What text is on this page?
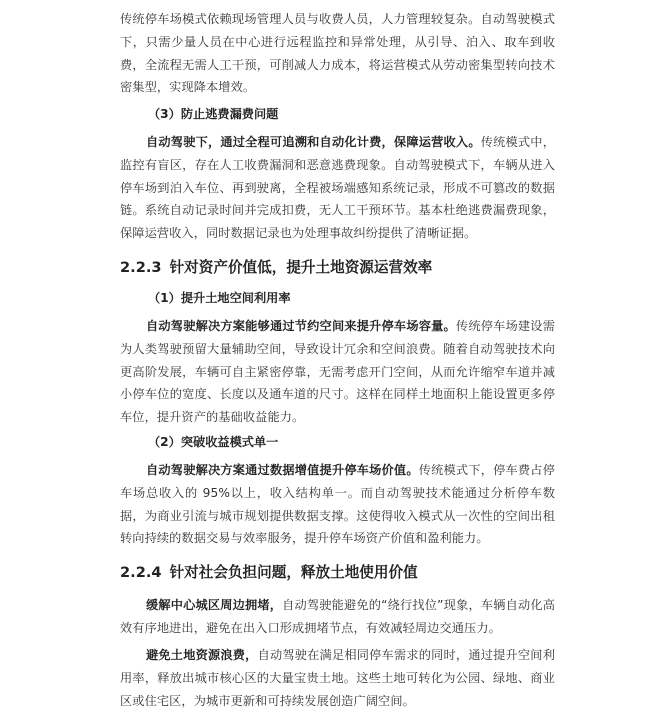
传统停车场模式依赖现场管理人员与收费人员，人力管理较复杂。自动驾驶模式下，只需少量人员在中心进行远程监控和异常处理，从引导、泊入、取车到收费，全流程无需人工干预，可削减人力成本，将运营模式从劳动密集型转向技术密集型，实现降本增效。

（3）防止逃费漏费问题

自动驾驶下，通过全程可追溯和自动化计费，保障运营收入。传统模式中，监控有盲区，存在人工收费漏洞和恶意逃费现象。自动驾驶模式下，车辆从进入停车场到泊入车位、再到驶离，全程被场端感知系统记录，形成不可篡改的数据链。系统自动记录时间并完成扣费，无人工干预环节。基本杜绝逃费漏费现象，保障运营收入，同时数据记录也为处理事故纠纷提供了清晰证据。

2.2.3 针对资产价值低，提升土地资源运营效率

（1）提升土地空间利用率

自动驾驶解决方案能够通过节约空间来提升停车场容量。传统停车场建设需为人类驾驶预留大量辅助空间，导致设计冗余和空间浪费。随着自动驾驶技术向更高阶发展，车辆可自主紧密停靠，无需考虑开门空间，从而允许缩窄车道并减小停车位的宽度、长度以及通车道的尺寸。这样在同样土地面积上能设置更多停车位，提升资产的基础收益能力。

（2）突破收益模式单一

自动驾驶解决方案通过数据增值提升停车场价值。传统模式下，停车费占停车场总收入的 95%以上，收入结构单一。而自动驾驶技术能通过分析停车数据，为商业引流与城市规划提供数据支撑。这使得收入模式从一次性的空间出租转向持续的数据交易与效率服务，提升停车场资产价值和盈利能力。

2.2.4 针对社会负担问题，释放土地使用价值

缓解中心城区周边拥堵，自动驾驶能避免的“绕行找位”现象，车辆自动化高效有序地进出，避免在出入口形成拥堵节点，有效减轻周边交通压力。

避免土地资源浪费，自动驾驶在满足相同停车需求的同时，通过提升空间利用率，释放出城市核心区的大量宝贵土地。这些土地可转化为公园、绿地、商业区或住宅区，为城市更新和可持续发展创造广阔空间。
